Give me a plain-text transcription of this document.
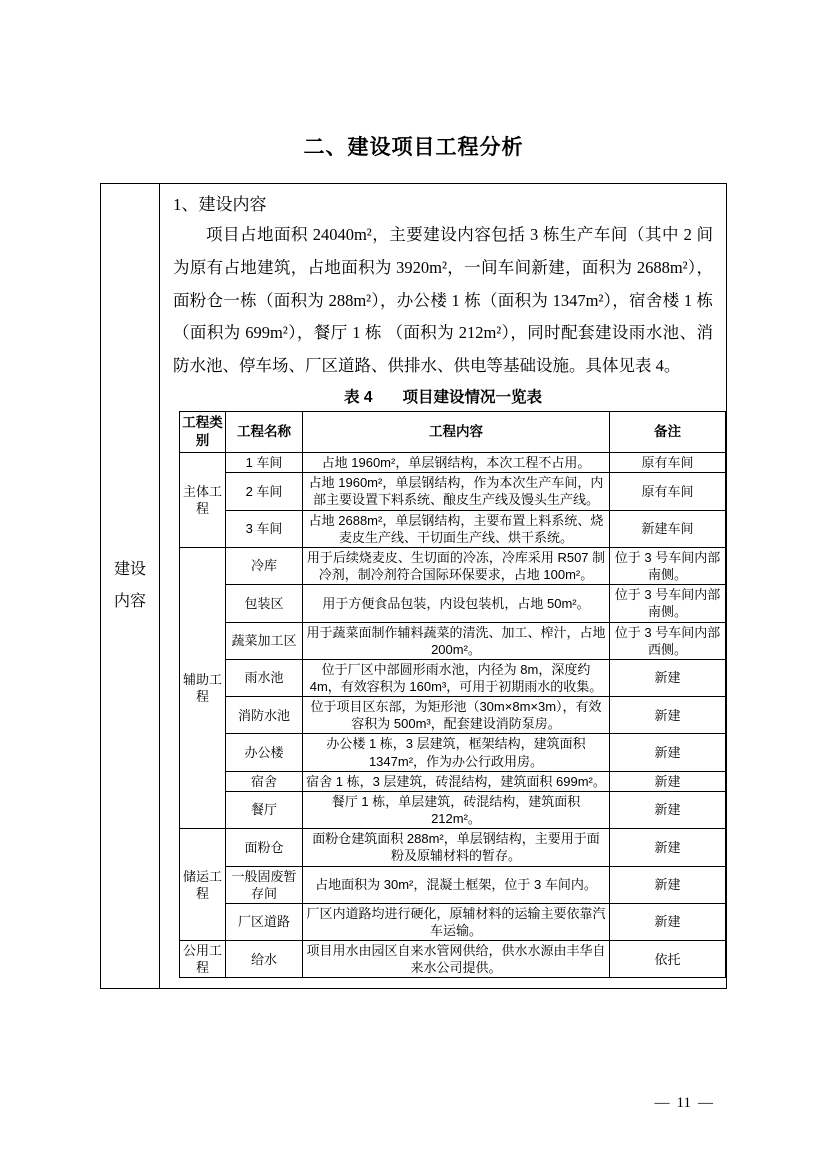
二、建设项目工程分析
建设内容
1、建设内容

项目占地面积 24040m²，主要建设内容包括 3 栋生产车间（其中 2 间为原有占地建筑，占地面积为 3920m²，一间车间新建，面积为 2688m²），面粉仓一栋（面积为 288m²），办公楼 1 栋（面积为 1347m²），宿舍楼 1 栋（面积为 699m²），餐厅 1 栋 （面积为 212m²），同时配套建设雨水池、消防水池、停车场、厂区道路、供排水、供电等基础设施。具体见表 4。

表 4 项目建设情况一览表
工程类别	工程名称	工程内容	备注
主体工程	1 车间	占地 1960m²，单层钢结构，本次工程不占用。	原有车间
	2 车间	占地 1960m²，单层钢结构，作为本次生产车间，内部主要设置下料系统、酿皮生产线及馒头生产线。	原有车间
	3 车间	占地 2688m²，单层钢结构，主要布置上料系统、烧麦皮生产线、干切面生产线、烘干系统。	新建车间
辅助工程	冷库	用于后续烧麦皮、生切面的冷冻，冷库采用 R507 制冷剂，制冷剂符合国际环保要求，占地 100m²。	位于 3 号车间内部南侧。
	包装区	用于方便食品包装，内设包装机，占地 50m²。	位于 3 号车间内部南侧。
	蔬菜加工区	用于蔬菜面制作辅料蔬菜的清洗、加工、榨汁，占地 200m²。	位于 3 号车间内部西侧。
	雨水池	位于厂区中部圆形雨水池，内径为 8m，深度约 4m，有效容积为 160m³，可用于初期雨水的收集。	新建
	消防水池	位于项目区东部，为矩形池（30m×8m×3m），有效容积为 500m³，配套建设消防泵房。	新建
	办公楼	办公楼 1 栋，3 层建筑，框架结构，建筑面积 1347m²，作为办公行政用房。	新建
	宿舍	宿舍 1 栋，3 层建筑，砖混结构，建筑面积 699m²。	新建
	餐厅	餐厅 1 栋，单层建筑，砖混结构，建筑面积 212m²。	新建
储运工程	面粉仓	面粉仓建筑面积 288m²，单层钢结构，主要用于面粉及原辅材料的暂存。	新建
	一般固废暂存间	占地面积为 30m²，混凝土框架，位于 3 车间内。	新建
	厂区道路	厂区内道路均进行硬化，原辅材料的运输主要依靠汽车运输。	新建
公用工程	给水	项目用水由园区自来水管网供给，供水水源由丰华自来水公司提供。	依托
— 11 —
